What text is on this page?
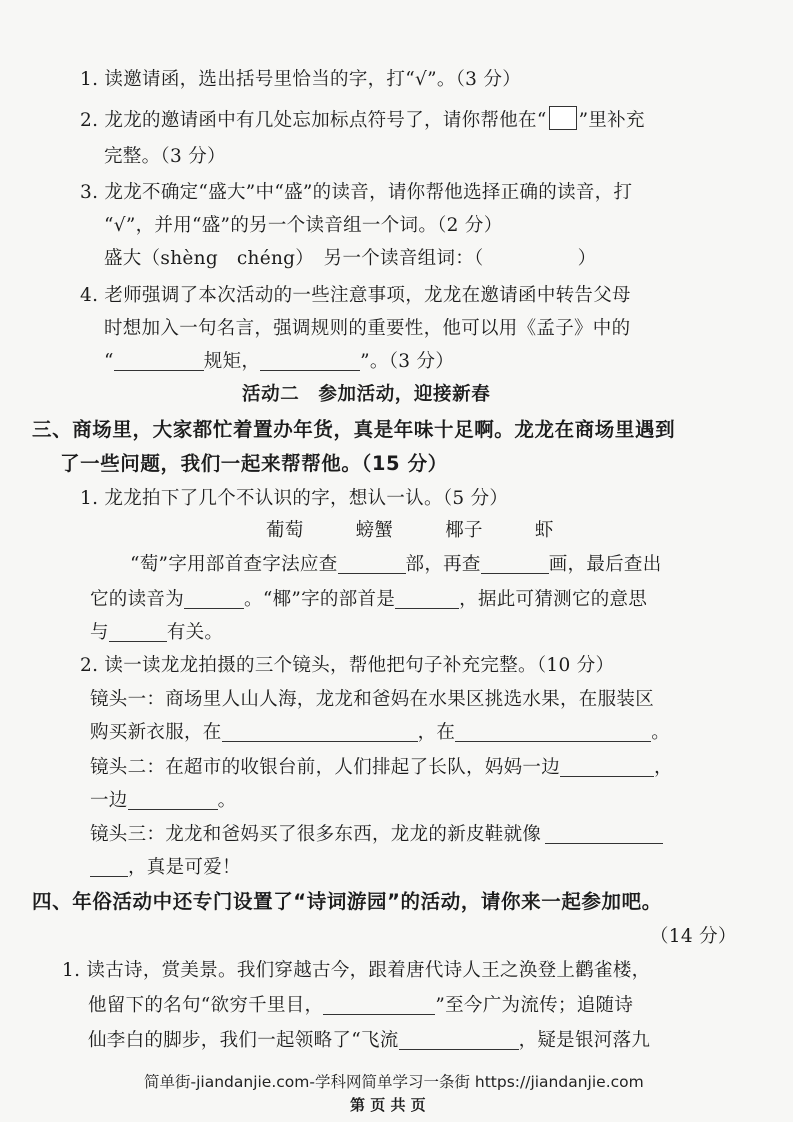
1. 读邀请函，选出括号里恰当的字，打“√”。（3 分）
2. 龙龙的邀请函中有几处忘加标点符号了，请你帮他在“ ”里补充
完整。（3 分）
3. 龙龙不确定“盛大”中“盛”的读音，请你帮他选择正确的读音，打
“√”，并用“盛”的另一个读音组一个词。（2 分）
盛大（shèng　chéng）　另一个读音组词：（　　　　　）
4. 老师强调了本次活动的一些注意事项，龙龙在邀请函中转告父母
时想加入一句名言，强调规则的重要性，他可以用《孟子》中的
“	规矩，	”。（3 分）
活动二　参加活动，迎接新春
三、商场里，大家都忙着置办年货，真是年味十足啊。龙龙在商场里遇到
了一些问题，我们一起来帮帮他。（15 分）
1. 龙龙拍下了几个不认识的字，想认一认。（5 分）
葡萄	螃蟹	椰子	虾
“萄”字用部首查字法应查	部，再查	画，最后查出
它的读音为	。“椰”字的部首是	，据此可猜测它的意思
与	有关。
2. 读一读龙龙拍摄的三个镜头，帮他把句子补充完整。（10 分）
镜头一：商场里人山人海，龙龙和爸妈在水果区挑选水果，在服装区
购买新衣服，在	，在	。
镜头二：在超市的收银台前，人们排起了长队，妈妈一边	，
一边	。
镜头三：龙龙和爸妈买了很多东西，龙龙的新皮鞋就像
，真是可爱！
四、年俗活动中还专门设置了“诗词游园”的活动，请你来一起参加吧。
（14 分）
1. 读古诗，赏美景。我们穿越古今，跟着唐代诗人王之涣登上鹳雀楼，
他留下的名句“欲穷千里目，	”至今广为流传；追随诗
仙李白的脚步，我们一起领略了“飞流	，疑是银河落九
简单街-jiandanjie.com-学科网简单学习一条街 https://jiandanjie.com
第 页 共 页
